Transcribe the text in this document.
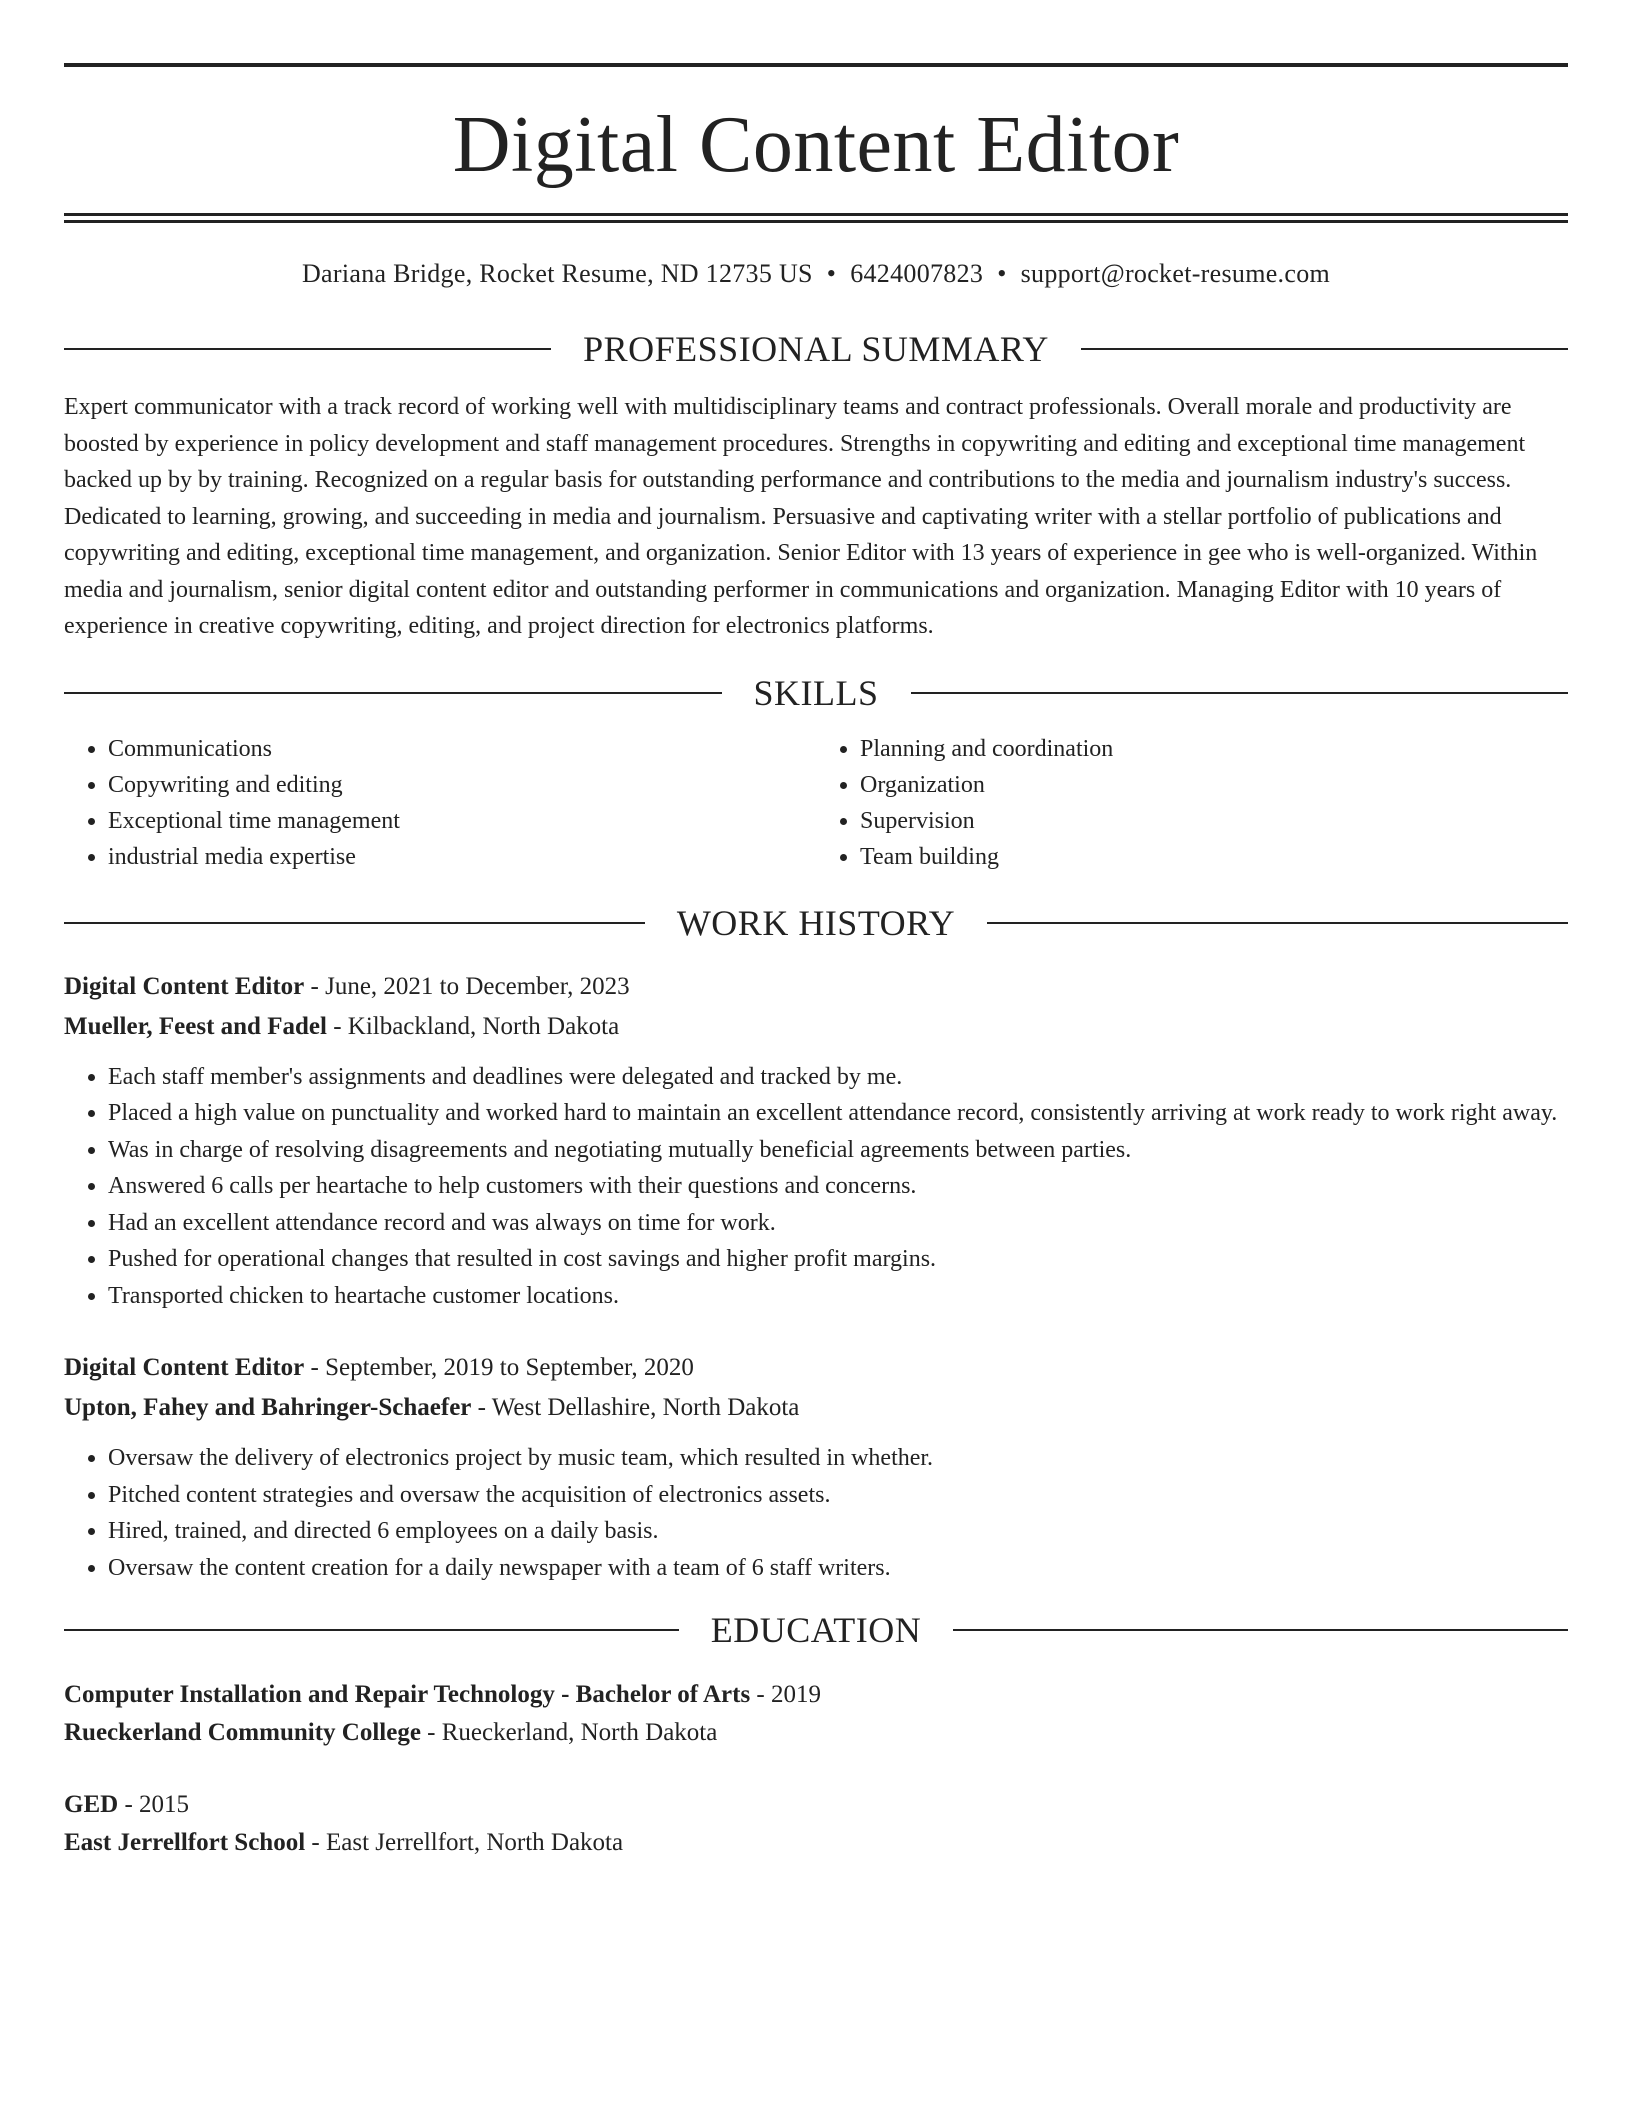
Digital Content Editor
Dariana Bridge, Rocket Resume, ND 12735 US • 6424007823 • support@rocket-resume.com
PROFESSIONAL SUMMARY

Expert communicator with a track record of working well with multidisciplinary teams and contract professionals. Overall morale and productivity are boosted by experience in policy development and staff management procedures. Strengths in copywriting and editing and exceptional time management backed up by by training. Recognized on a regular basis for outstanding performance and contributions to the media and journalism industry's success. Dedicated to learning, growing, and succeeding in media and journalism. Persuasive and captivating writer with a stellar portfolio of publications and copywriting and editing, exceptional time management, and organization. Senior Editor with 13 years of experience in gee who is well-organized. Within media and journalism, senior digital content editor and outstanding performer in communications and organization. Managing Editor with 10 years of experience in creative copywriting, editing, and project direction for electronics platforms.

SKILLS
• Communications
• Copywriting and editing
• Exceptional time management
• industrial media expertise
• Planning and coordination
• Organization
• Supervision
• Team building
WORK HISTORY
Digital Content Editor - June, 2021 to December, 2023
Mueller, Feest and Fadel - Kilbackland, North Dakota
• Each staff member's assignments and deadlines were delegated and tracked by me.
• Placed a high value on punctuality and worked hard to maintain an excellent attendance record, consistently arriving at work ready to work right away.
• Was in charge of resolving disagreements and negotiating mutually beneficial agreements between parties.
• Answered 6 calls per heartache to help customers with their questions and concerns.
• Had an excellent attendance record and was always on time for work.
• Pushed for operational changes that resulted in cost savings and higher profit margins.
• Transported chicken to heartache customer locations.
Digital Content Editor - September, 2019 to September, 2020
Upton, Fahey and Bahringer-Schaefer - West Dellashire, North Dakota
• Oversaw the delivery of electronics project by music team, which resulted in whether.
• Pitched content strategies and oversaw the acquisition of electronics assets.
• Hired, trained, and directed 6 employees on a daily basis.
• Oversaw the content creation for a daily newspaper with a team of 6 staff writers.
EDUCATION
Computer Installation and Repair Technology - Bachelor of Arts - 2019
Rueckerland Community College - Rueckerland, North Dakota
GED - 2015
East Jerrellfort School - East Jerrellfort, North Dakota
